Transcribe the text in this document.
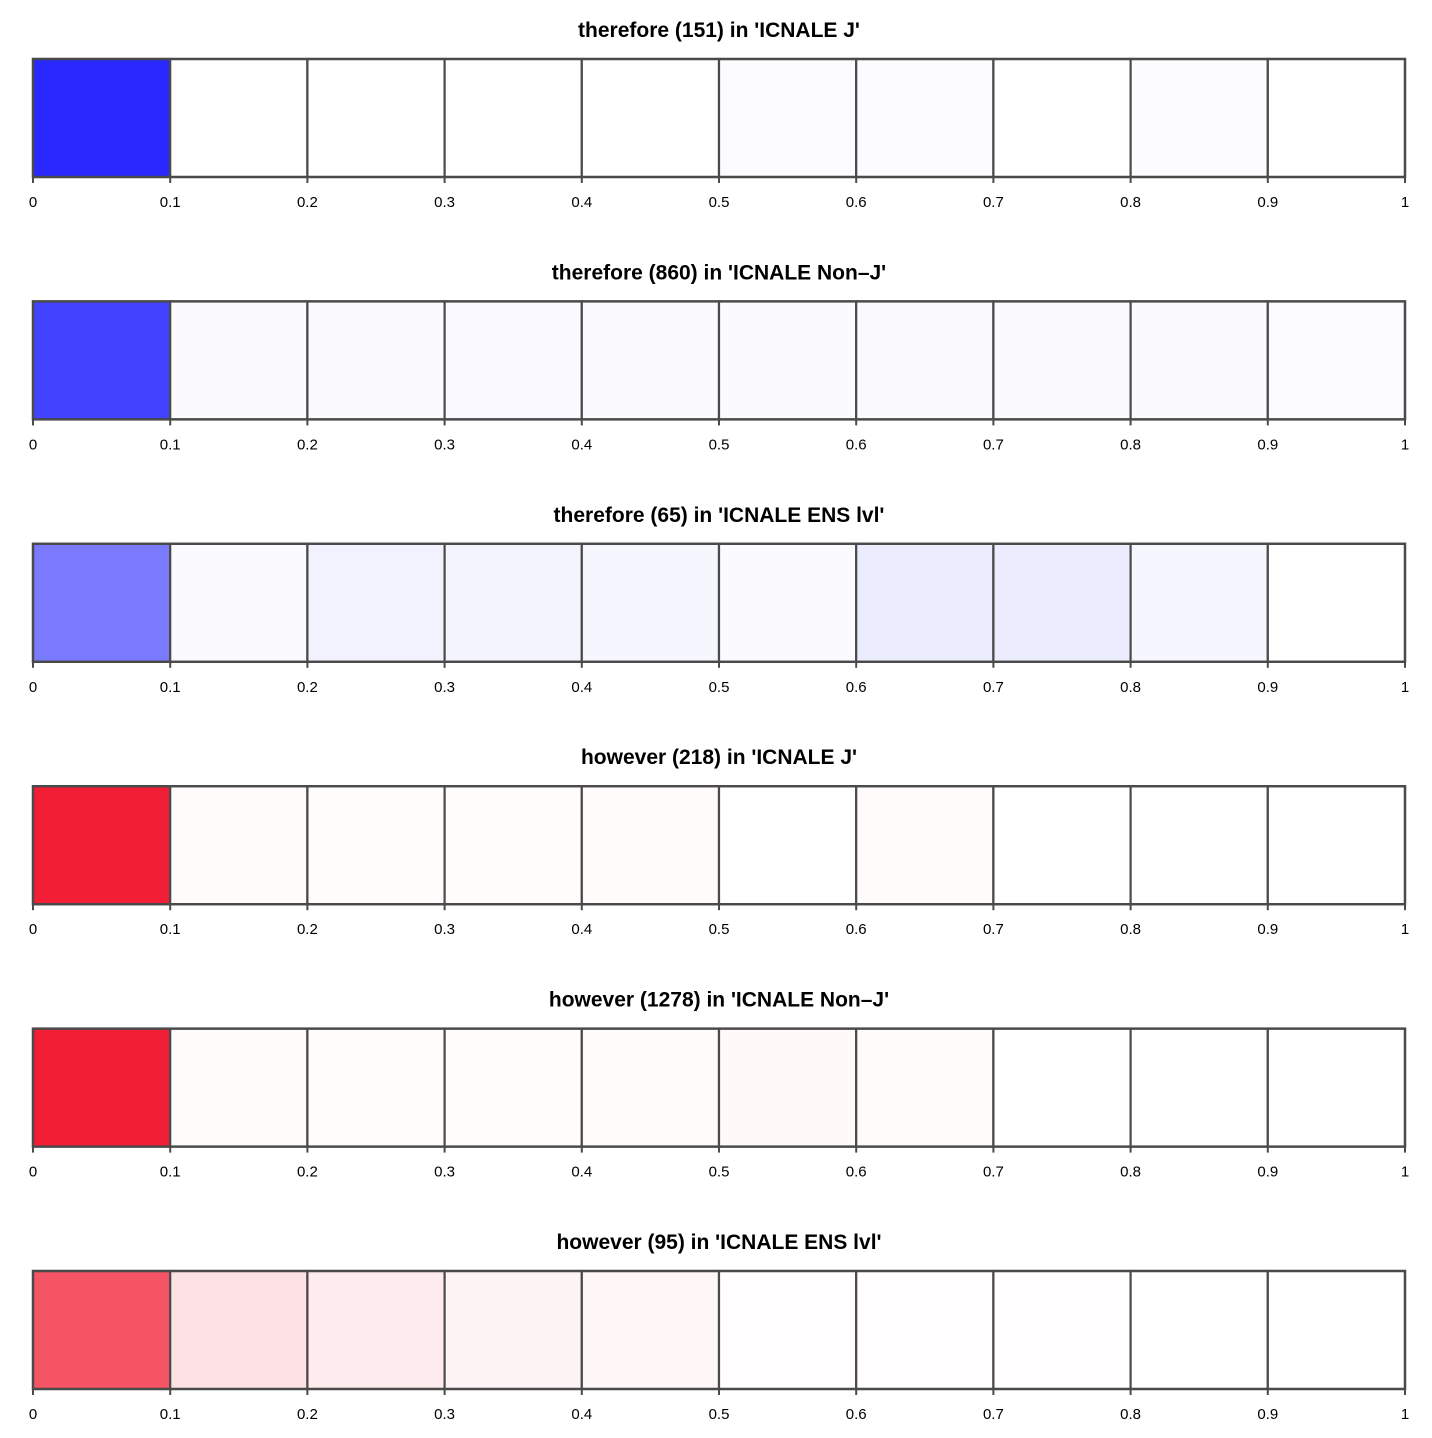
therefore (151) in 'ICNALE J'
0	0.1	0.2	0.3	0.4	0.5	0.6	0.7	0.8	0.9	1
therefore (860) in 'ICNALE Non–J'
0	0.1	0.2	0.3	0.4	0.5	0.6	0.7	0.8	0.9	1
therefore (65) in 'ICNALE ENS lvl'
0	0.1	0.2	0.3	0.4	0.5	0.6	0.7	0.8	0.9	1
however (218) in 'ICNALE J'
0	0.1	0.2	0.3	0.4	0.5	0.6	0.7	0.8	0.9	1
however (1278) in 'ICNALE Non–J'
0	0.1	0.2	0.3	0.4	0.5	0.6	0.7	0.8	0.9	1
however (95) in 'ICNALE ENS lvl'
0	0.1	0.2	0.3	0.4	0.5	0.6	0.7	0.8	0.9	1
